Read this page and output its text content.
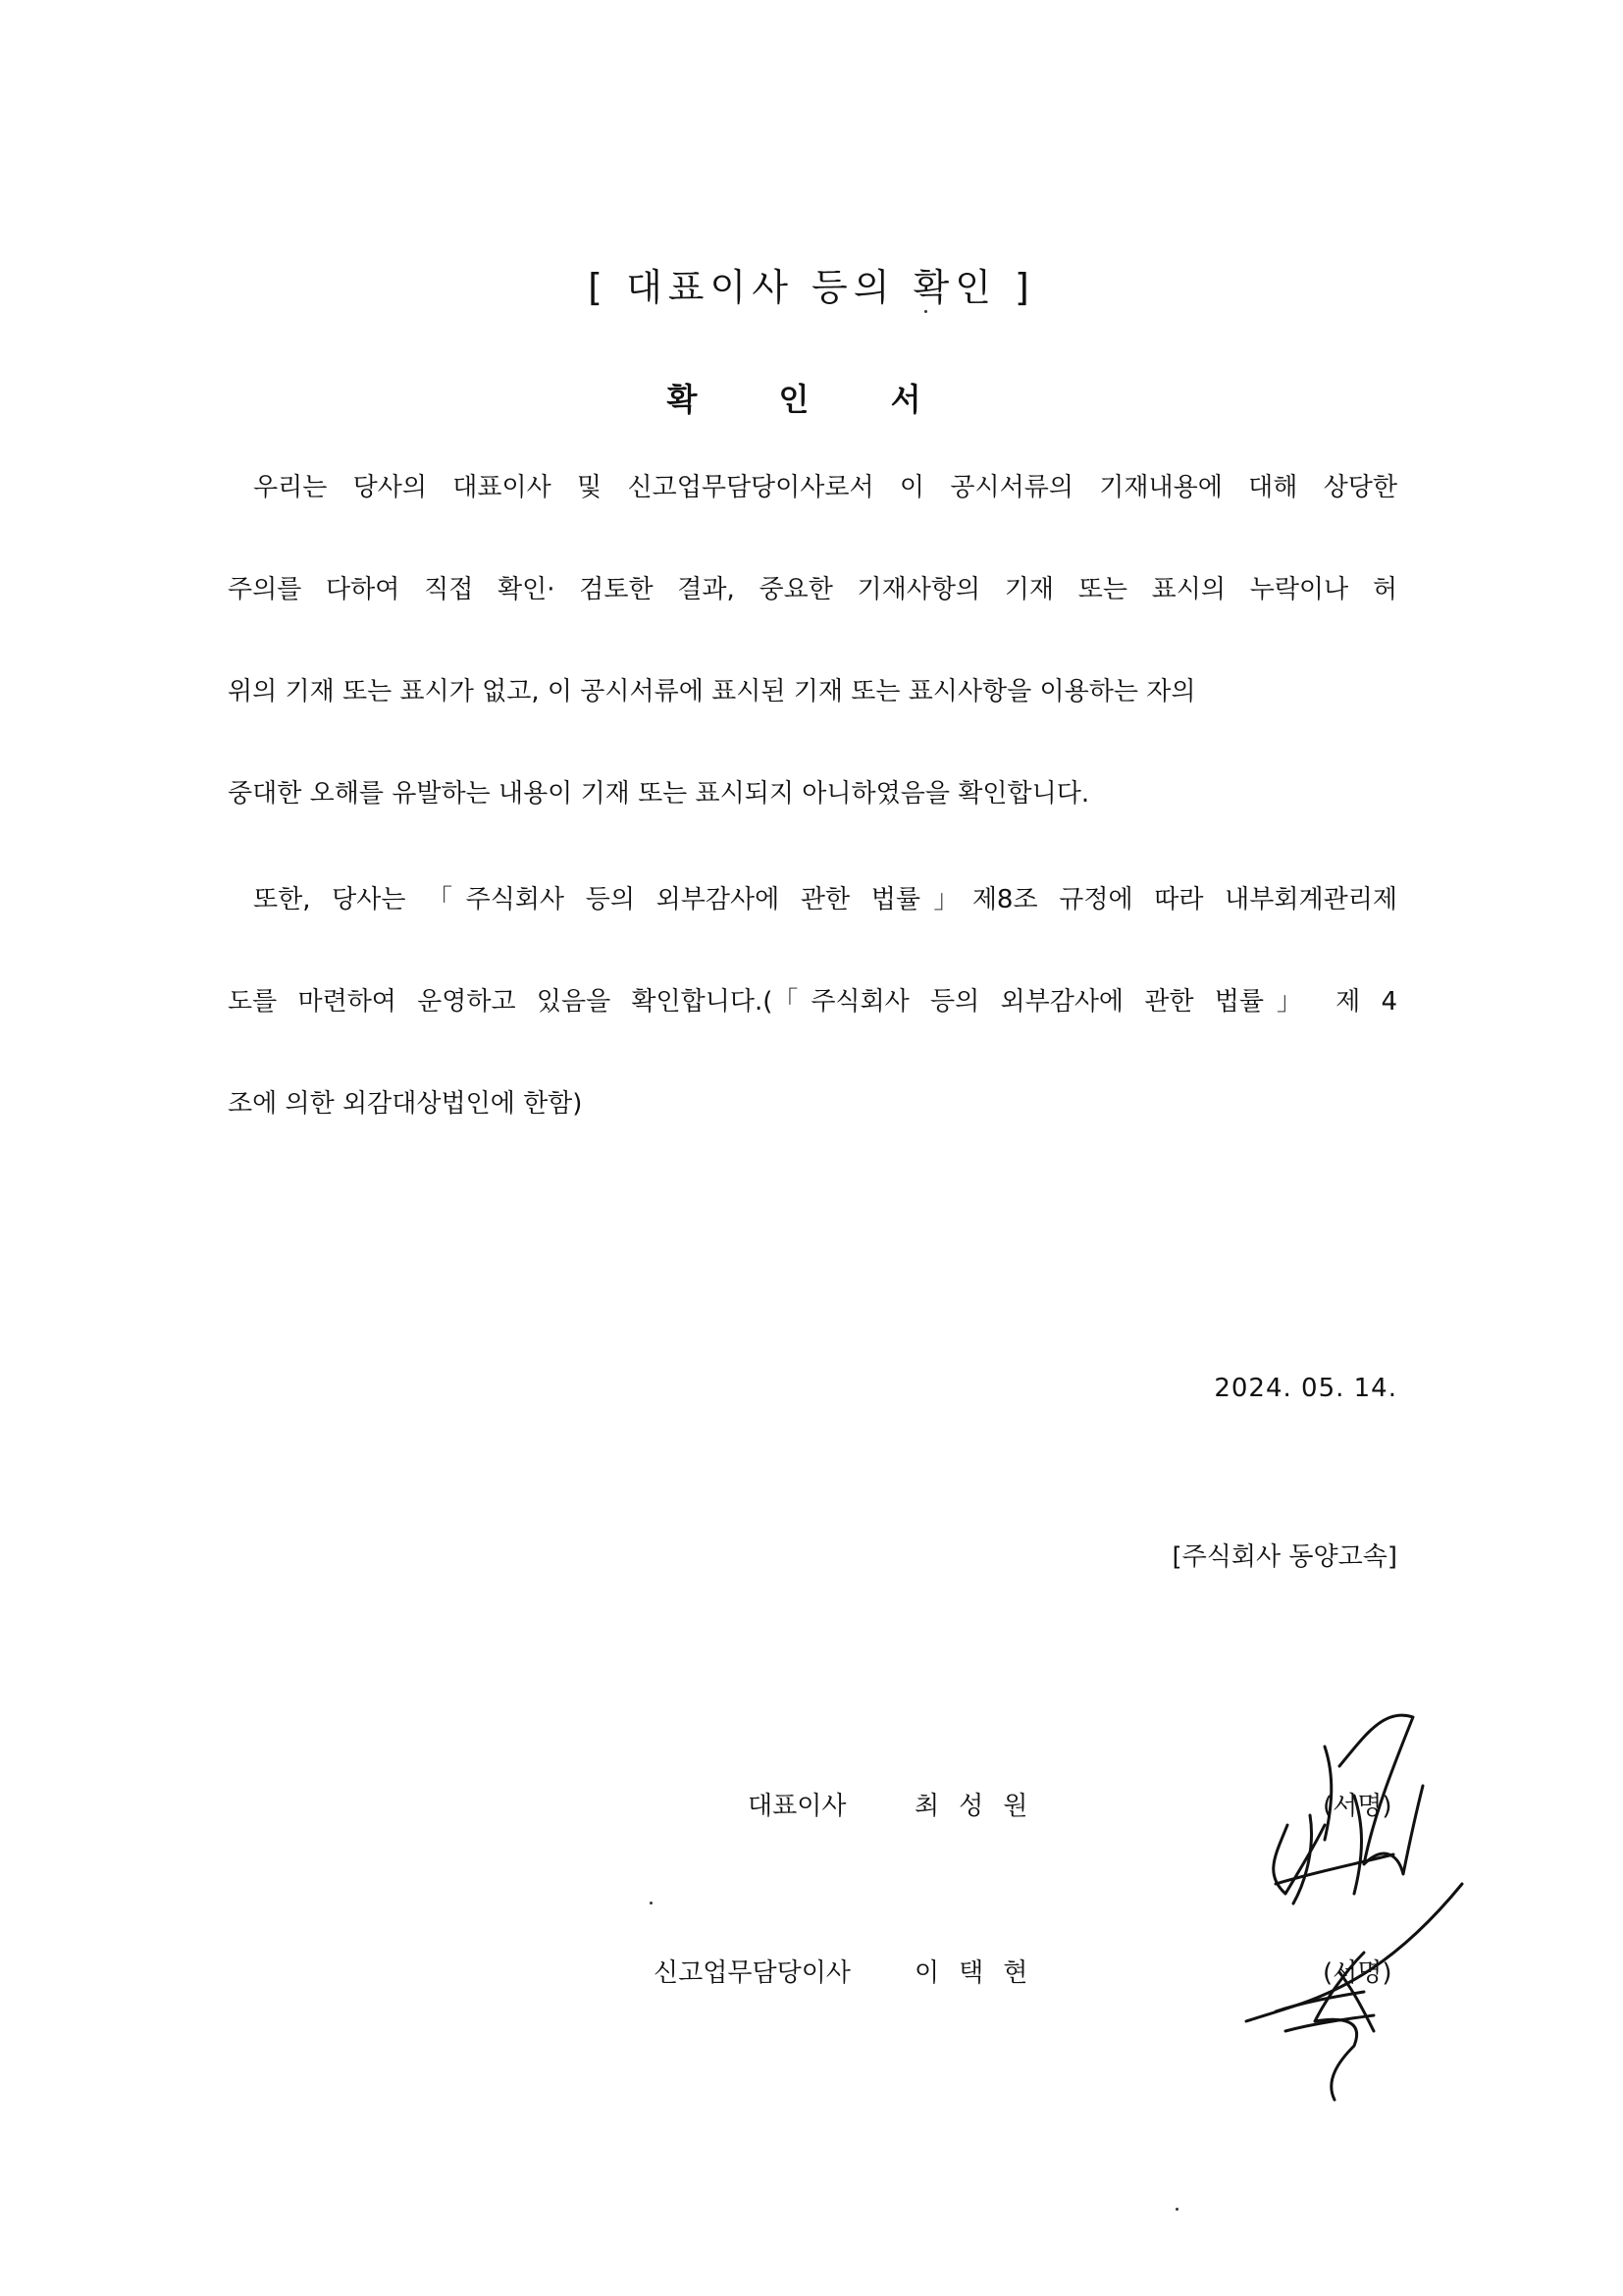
[ 대표이사 등의 확인 ]
확 인 서
우리는 당사의 대표이사 및 신고업무담당이사로서 이 공시서류의 기재내용에 대해 상당한
주의를 다하여 직접 확인· 검토한 결과, 중요한 기재사항의 기재 또는 표시의 누락이나 허
위의 기재 또는 표시가 없고, 이 공시서류에 표시된 기재 또는 표시사항을 이용하는 자의
중대한 오해를 유발하는 내용이 기재 또는 표시되지 아니하였음을 확인합니다.
또한, 당사는 「주식회사 등의 외부감사에 관한 법률」제8조 규정에 따라 내부회계관리제
도를 마련하여 운영하고 있음을 확인합니다.(「주식회사 등의 외부감사에 관한 법률」 제 4
조에 의한 외감대상법인에 한함)

2024. 05. 14.

[주식회사 동양고속]

대표이사	최성원	(서명)
신고업무담당이사	이택현	(서명)
